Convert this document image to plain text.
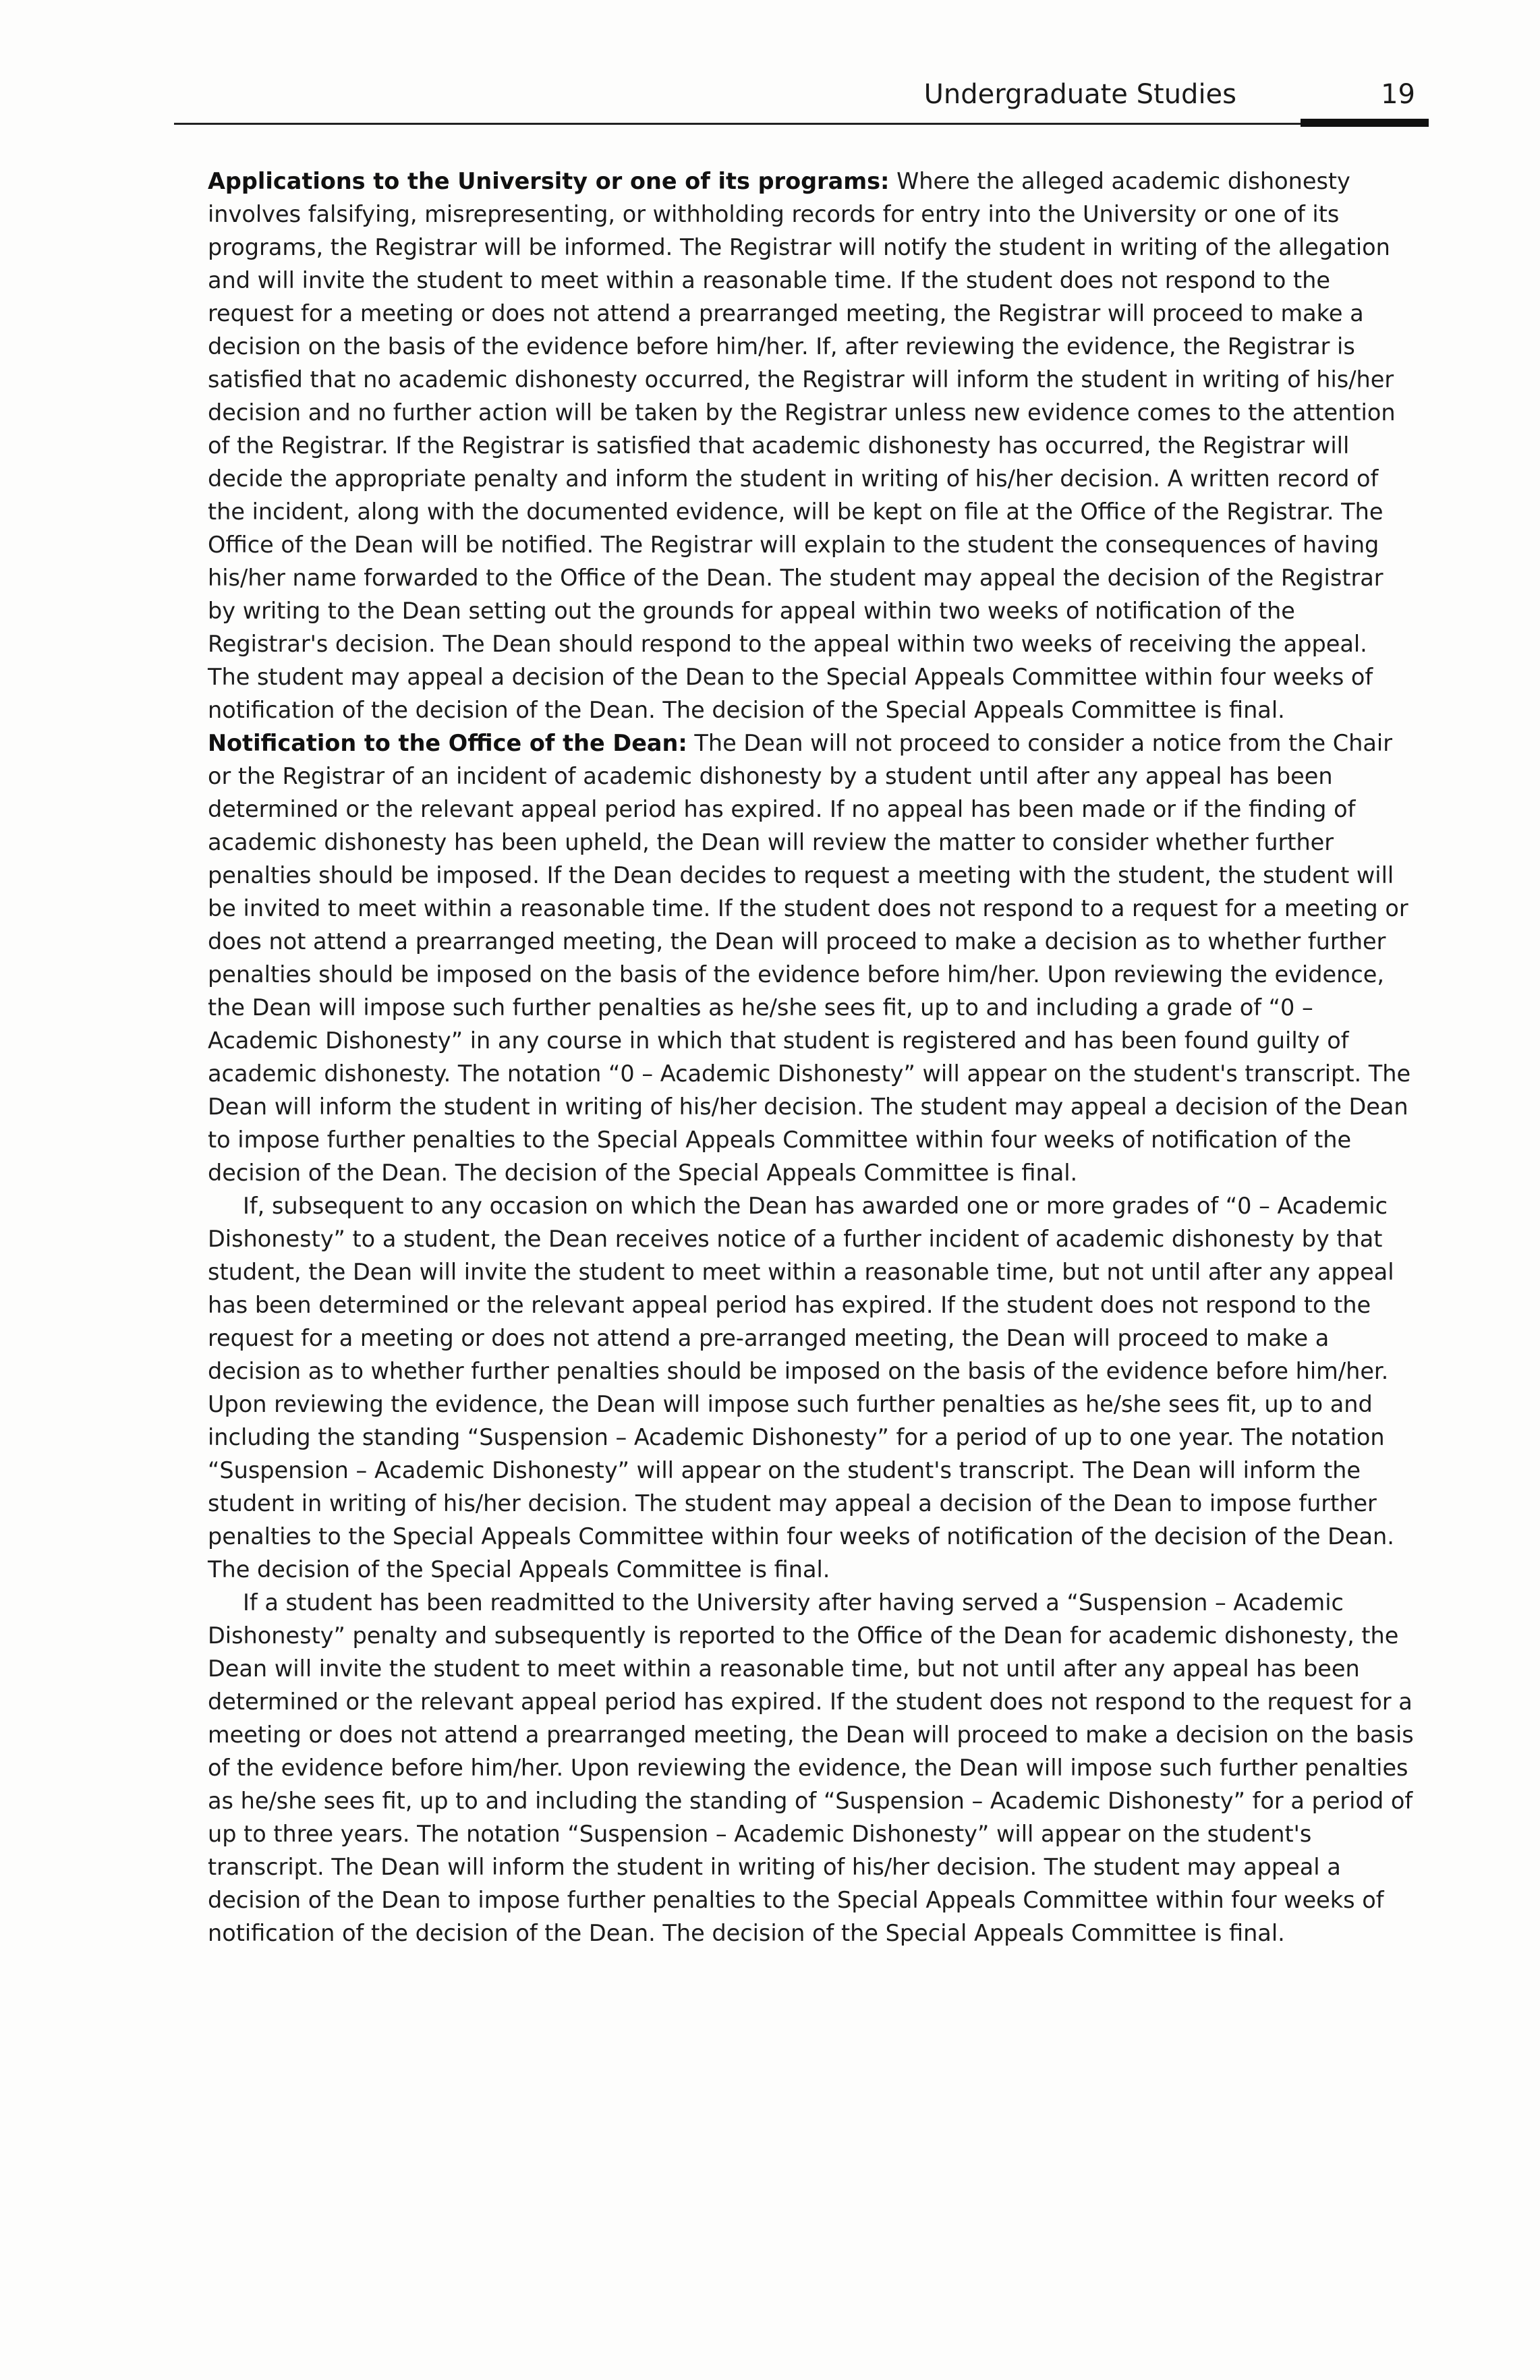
Undergraduate Studies	19

Applications to the University or one of its programs: Where the alleged academic dishonesty involves falsifying, misrepresenting, or withholding records for entry into the University or one of its programs, the Registrar will be informed. The Registrar will notify the student in writing of the allegation and will invite the student to meet within a reasonable time. If the student does not respond to the request for a meeting or does not attend a prearranged meeting, the Registrar will proceed to make a decision on the basis of the evidence before him/her. If, after reviewing the evidence, the Registrar is satisfied that no academic dishonesty occurred, the Registrar will inform the student in writing of his/her decision and no further action will be taken by the Registrar unless new evidence comes to the attention of the Registrar. If the Registrar is satisfied that academic dishonesty has occurred, the Registrar will decide the appropriate penalty and inform the student in writing of his/her decision. A written record of the incident, along with the documented evidence, will be kept on file at the Office of the Registrar. The Office of the Dean will be notified. The Registrar will explain to the student the consequences of having his/her name forwarded to the Office of the Dean. The student may appeal the decision of the Registrar by writing to the Dean setting out the grounds for appeal within two weeks of notification of the Registrar's decision. The Dean should respond to the appeal within two weeks of receiving the appeal. The student may appeal a decision of the Dean to the Special Appeals Committee within four weeks of notification of the decision of the Dean. The decision of the Special Appeals Committee is final.

Notification to the Office of the Dean: The Dean will not proceed to consider a notice from the Chair or the Registrar of an incident of academic dishonesty by a student until after any appeal has been determined or the relevant appeal period has expired. If no appeal has been made or if the finding of academic dishonesty has been upheld, the Dean will review the matter to consider whether further penalties should be imposed. If the Dean decides to request a meeting with the student, the student will be invited to meet within a reasonable time. If the student does not respond to a request for a meeting or does not attend a prearranged meeting, the Dean will proceed to make a decision as to whether further penalties should be imposed on the basis of the evidence before him/her. Upon reviewing the evidence, the Dean will impose such further penalties as he/she sees fit, up to and including a grade of “0 – Academic Dishonesty” in any course in which that student is registered and has been found guilty of academic dishonesty. The notation “0 – Academic Dishonesty” will appear on the student's transcript. The Dean will inform the student in writing of his/her decision. The student may appeal a decision of the Dean to impose further penalties to the Special Appeals Committee within four weeks of notification of the decision of the Dean. The decision of the Special Appeals Committee is final.

If, subsequent to any occasion on which the Dean has awarded one or more grades of “0 – Academic Dishonesty” to a student, the Dean receives notice of a further incident of academic dishonesty by that student, the Dean will invite the student to meet within a reasonable time, but not until after any appeal has been determined or the relevant appeal period has expired. If the student does not respond to the request for a meeting or does not attend a pre-arranged meeting, the Dean will proceed to make a decision as to whether further penalties should be imposed on the basis of the evidence before him/her. Upon reviewing the evidence, the Dean will impose such further penalties as he/she sees fit, up to and including the standing “Suspension – Academic Dishonesty” for a period of up to one year. The notation “Suspension – Academic Dishonesty” will appear on the student's transcript. The Dean will inform the student in writing of his/her decision. The student may appeal a decision of the Dean to impose further penalties to the Special Appeals Committee within four weeks of notification of the decision of the Dean. The decision of the Special Appeals Committee is final.

If a student has been readmitted to the University after having served a “Suspension – Academic Dishonesty” penalty and subsequently is reported to the Office of the Dean for academic dishonesty, the Dean will invite the student to meet within a reasonable time, but not until after any appeal has been determined or the relevant appeal period has expired. If the student does not respond to the request for a meeting or does not attend a prearranged meeting, the Dean will proceed to make a decision on the basis of the evidence before him/her. Upon reviewing the evidence, the Dean will impose such further penalties as he/she sees fit, up to and including the standing of “Suspension – Academic Dishonesty” for a period of up to three years. The notation “Suspension – Academic Dishonesty” will appear on the student's transcript. The Dean will inform the student in writing of his/her decision. The student may appeal a decision of the Dean to impose further penalties to the Special Appeals Committee within four weeks of notification of the decision of the Dean. The decision of the Special Appeals Committee is final.
